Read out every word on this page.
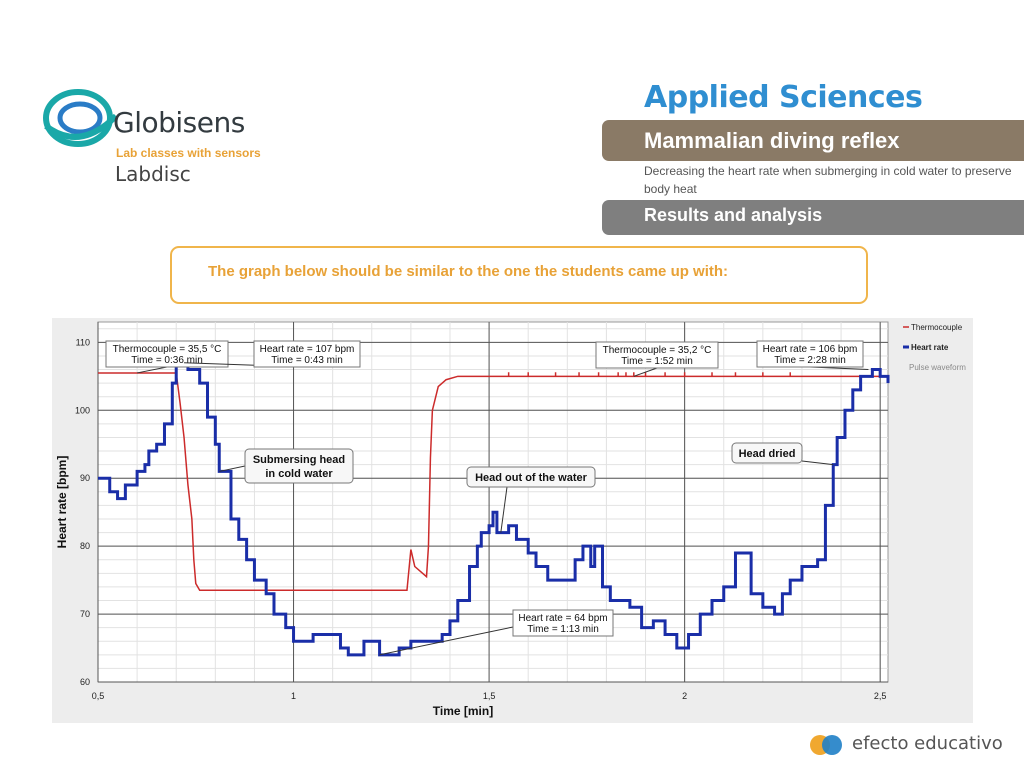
Globisens
Lab classes with sensors
Labdisc
Applied Sciences
Mammalian diving reflex
Decreasing the heart rate when submerging in cold water to preserve body heat
Results and analysis
The graph below should be similar to the one the students came up with:
0,5	1	1,5	2	2,5
60
70
80
90
100
110
Time [min]
Heart rate [bpm]
Thermocouple
Heart rate
Pulse waveform
Thermocouple = 35,5 °C
Time = 0:36 min
Heart rate = 107 bpm
Time = 0:43 min
Thermocouple = 35,2 °C
Time = 1:52 min
Heart rate = 106 bpm
Time = 2:28 min
Heart rate = 64 bpm
Time = 1:13 min
Submersing head
in cold water	Head out of the water
Head dried
efecto educativo
